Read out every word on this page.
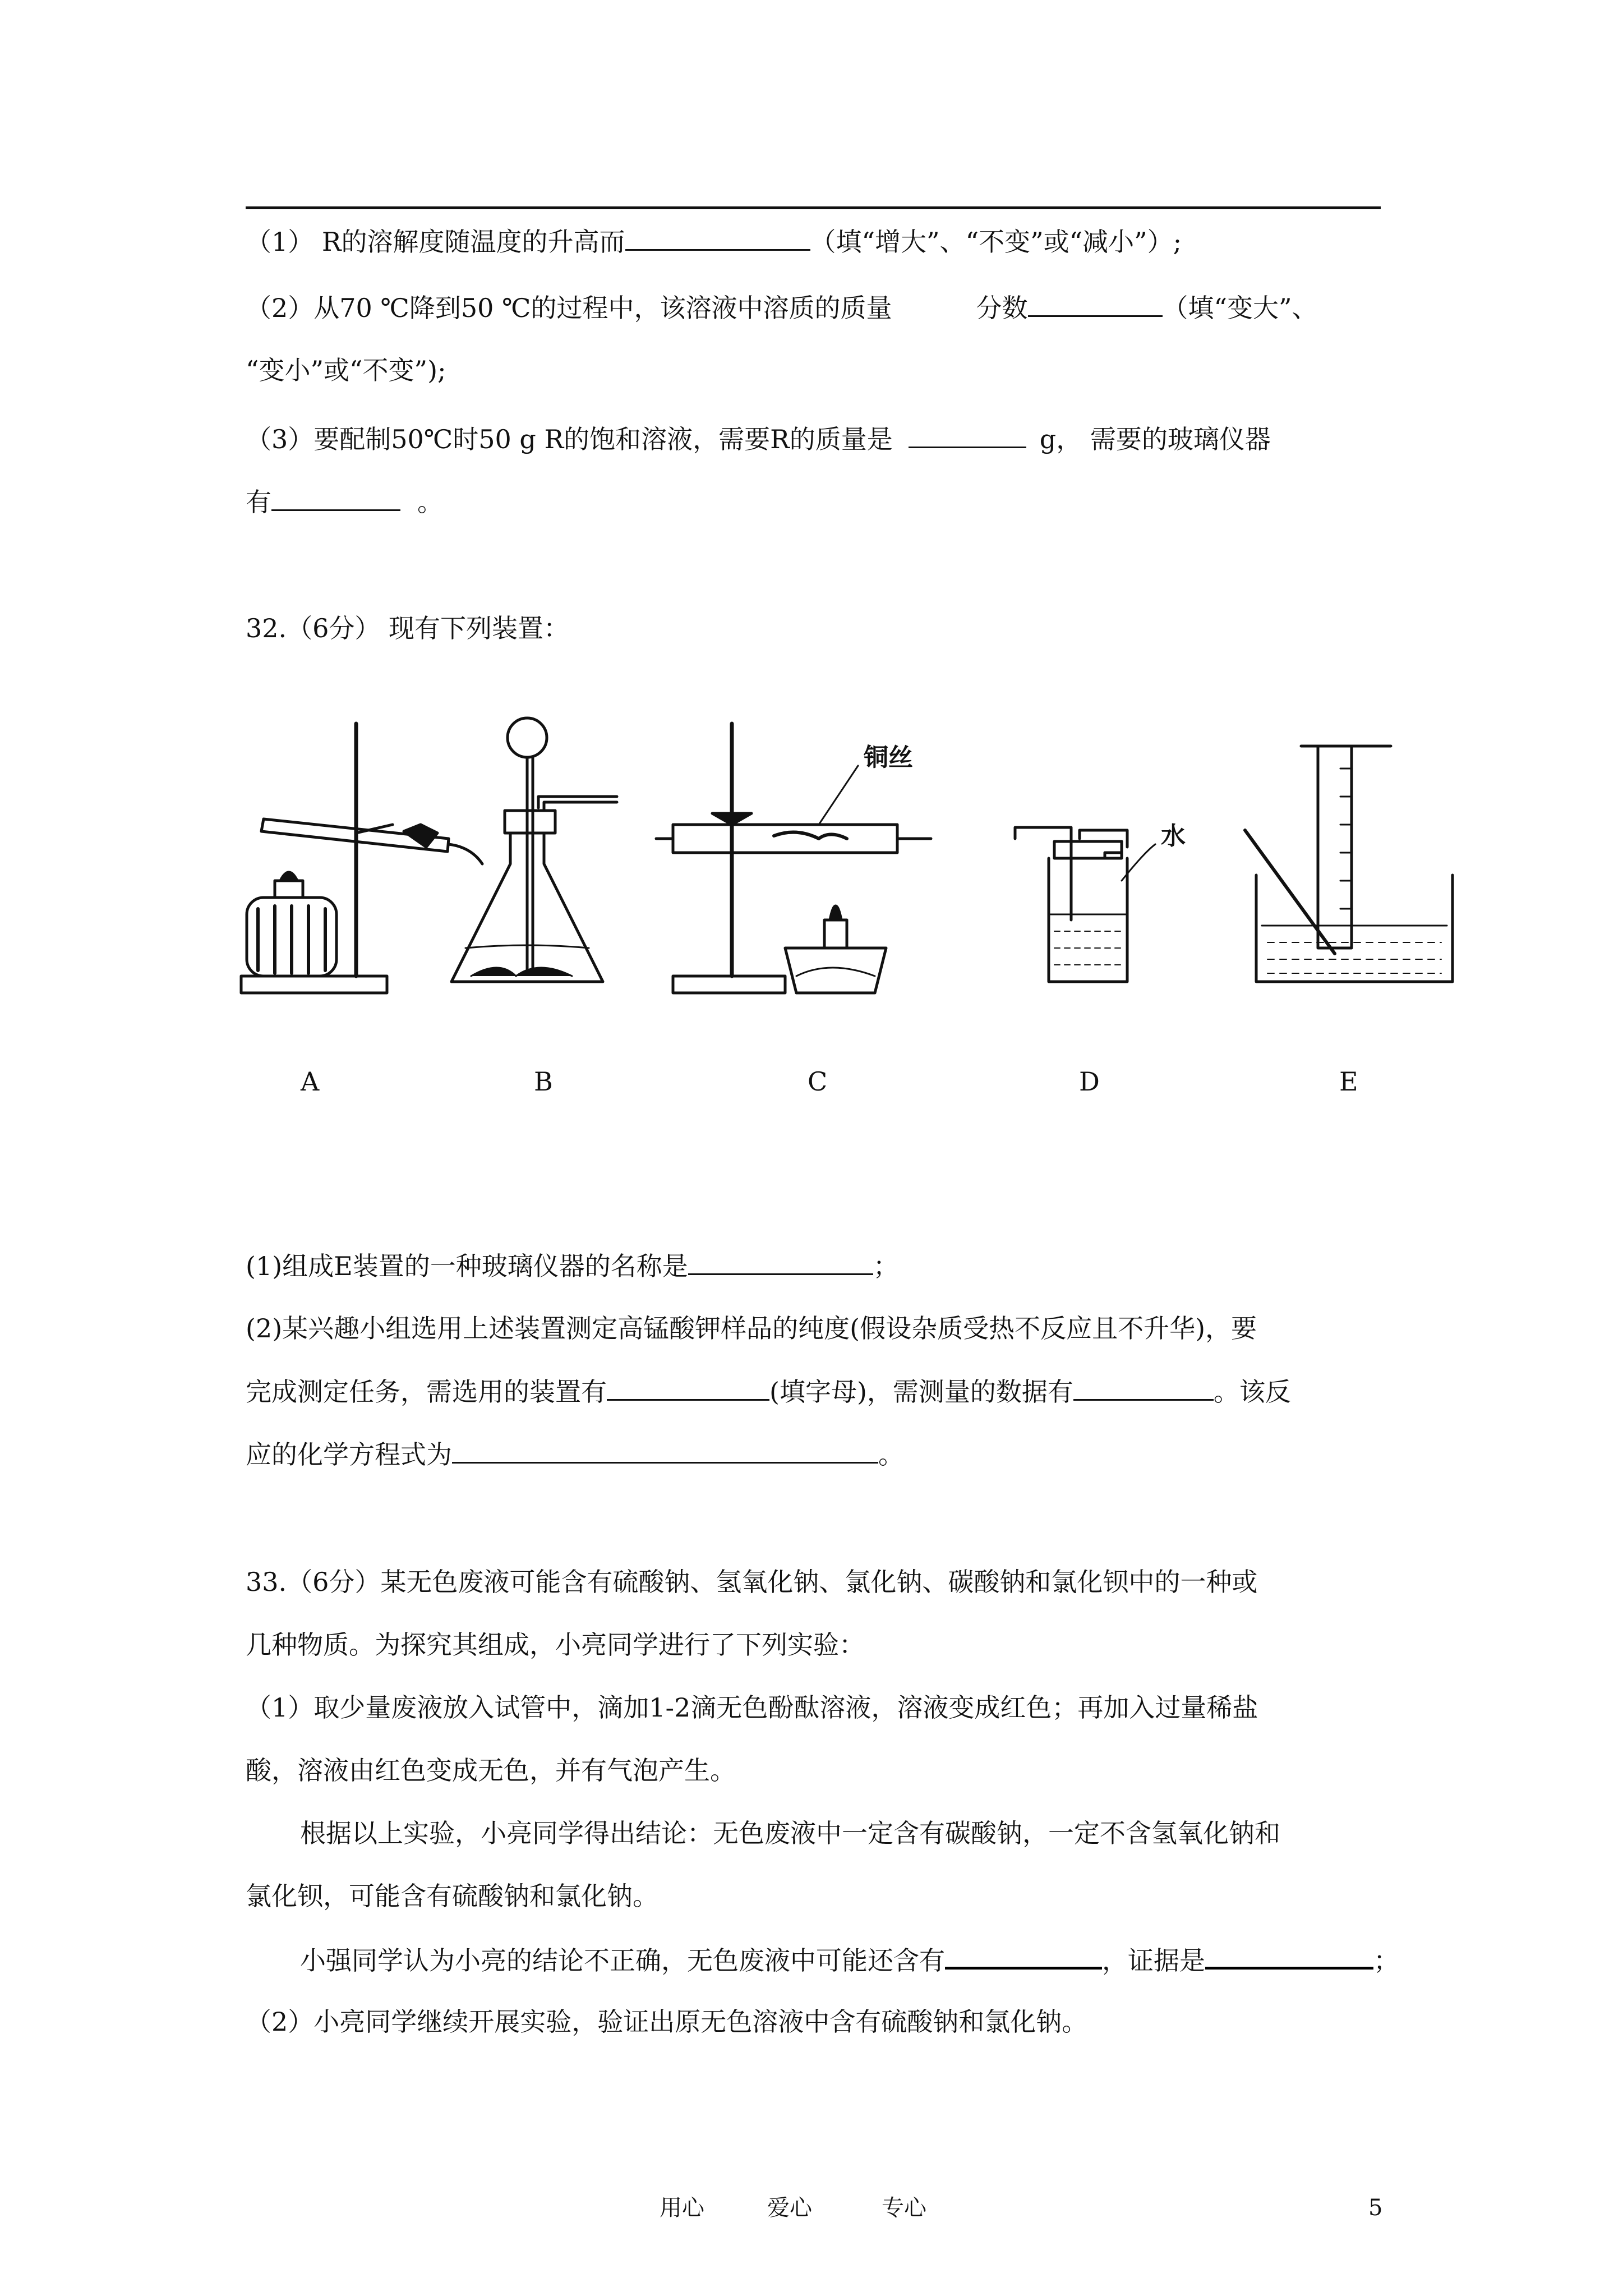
（1） R的溶解度随温度的升高而	（填“增大”、“不变”或“减小”）;
（2）从70 ℃降到50 ℃的过程中，该溶液中溶质的质量	分数	（填“变大”、
“变小”或“不变”);
（3）要配制50℃时50 g R的饱和溶液，需要R的质量是	g， 需要的玻璃仪器
有	。
32.（6分） 现有下列装置：
铜丝
水
A	B	C	D	E
(1)组成E装置的一种玻璃仪器的名称是	；
(2)某兴趣小组选用上述装置测定高锰酸钾样品的纯度(假设杂质受热不反应且不升华)，要
完成测定任务，需选用的装置有	(填字母)，需测量的数据有	。该反
应的化学方程式为	。
33.（6分）某无色废液可能含有硫酸钠、氢氧化钠、氯化钠、碳酸钠和氯化钡中的一种或
几种物质。为探究其组成，小亮同学进行了下列实验：
（1）取少量废液放入试管中，滴加1-2滴无色酚酞溶液，溶液变成红色；再加入过量稀盐
酸，溶液由红色变成无色，并有气泡产生。
根据以上实验，小亮同学得出结论：无色废液中一定含有碳酸钠，一定不含氢氧化钠和
氯化钡，可能含有硫酸钠和氯化钠。
小强同学认为小亮的结论不正确，无色废液中可能还含有	，证据是	；
（2）小亮同学继续开展实验，验证出原无色溶液中含有硫酸钠和氯化钠。
用心	爱心	专心	5
